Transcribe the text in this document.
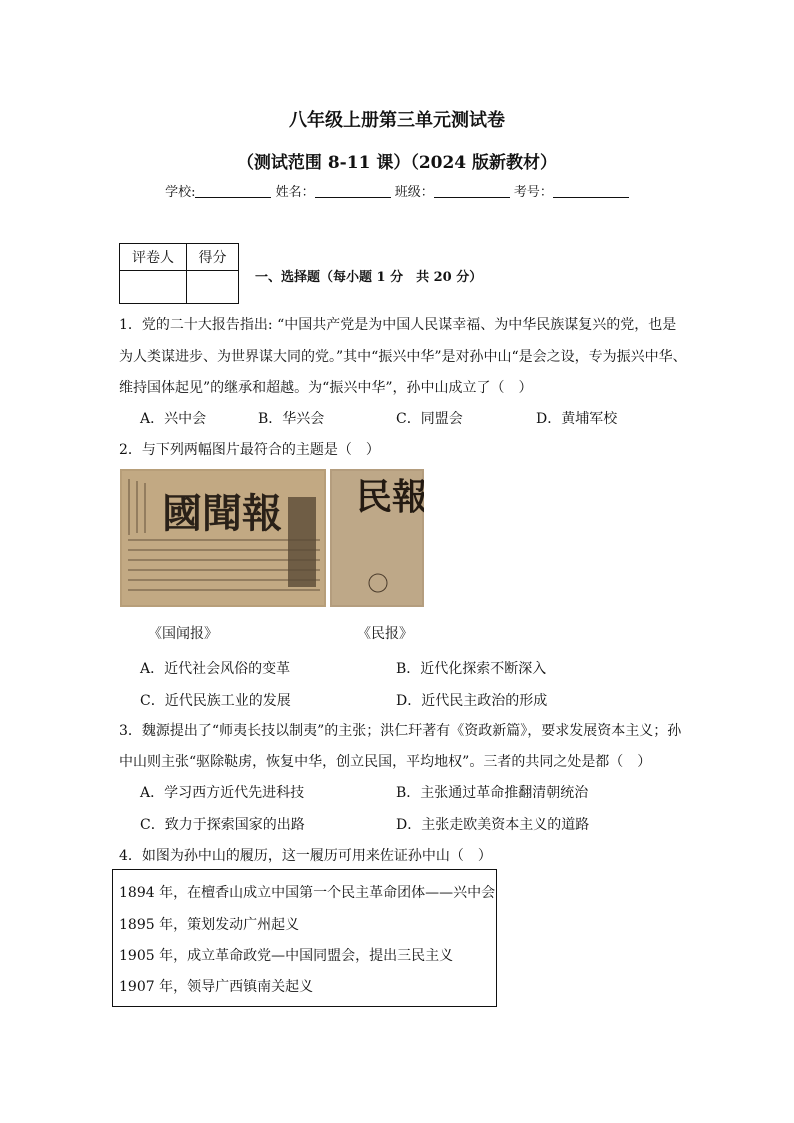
八年级上册第三单元测试卷
（测试范围 8-11 课）（2024 版新教材）
学校:	姓名：	班级：	考号：
评卷人	得分

一、选择题（每小题 1 分　共 20 分）
1．党的二十大报告指出: “中国共产党是为中国人民谋幸福、为中华民族谋复兴的党，也是
为人类谋进步、为世界谋大同的党。”其中“振兴中华”是对孙中山“是会之设，专为振兴中华、
维持国体起见”的继承和超越。为“振兴中华”，孙中山成立了（　）
A．兴中会	B．华兴会	C．同盟会	D．黄埔军校
2．与下列两幅图片最符合的主题是（　）
國聞報 民報
《国闻报》	《民报》
A．近代社会风俗的变革	B．近代化探索不断深入
C．近代民族工业的发展	D．近代民主政治的形成
3．魏源提出了“师夷长技以制夷”的主张；洪仁玕著有《资政新篇》，要求发展资本主义；孙
中山则主张“驱除鞑虏，恢复中华，创立民国，平均地权”。三者的共同之处是都（　）
A．学习西方近代先进科技	B．主张通过革命推翻清朝统治
C．致力于探索国家的出路	D．主张走欧美资本主义的道路
4．如图为孙中山的履历，这一履历可用来佐证孙中山（　）
1894 年，在檀香山成立中国第一个民主革命团体——兴中会
1895 年，策划发动广州起义
1905 年，成立革命政党—中国同盟会，提出三民主义
1907 年，领导广西镇南关起义
